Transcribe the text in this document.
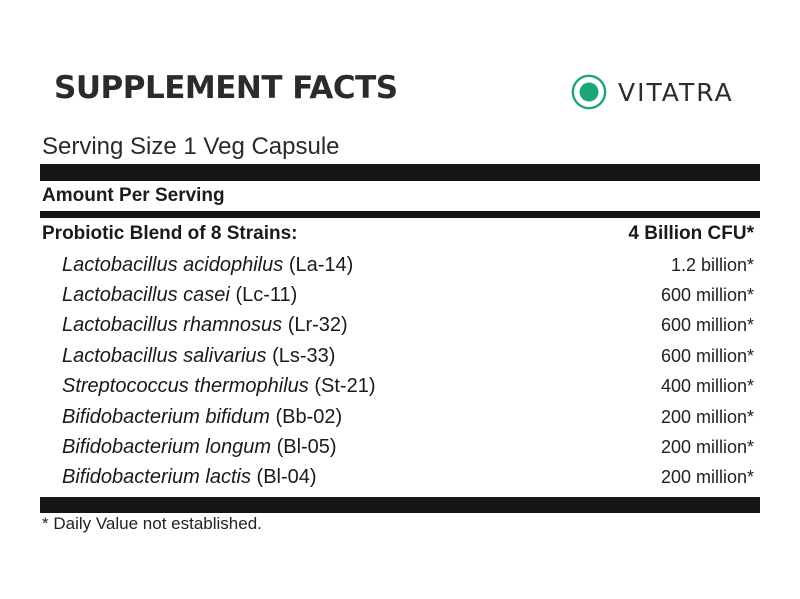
SUPPLEMENT FACTS	VITATRA
Serving Size 1 Veg Capsule
Amount Per Serving
Probiotic Blend of 8 Strains:	4 Billion CFU*
Lactobacillus acidophilus (La-14)	1.2 billion*
Lactobacillus casei (Lc-11)	600 million*
Lactobacillus rhamnosus (Lr-32)	600 million*
Lactobacillus salivarius (Ls-33)	600 million*
Streptococcus thermophilus (St-21)	400 million*
Bifidobacterium bifidum (Bb-02)	200 million*
Bifidobacterium longum (Bl-05)	200 million*
Bifidobacterium lactis (Bl-04)	200 million*
* Daily Value not established.
